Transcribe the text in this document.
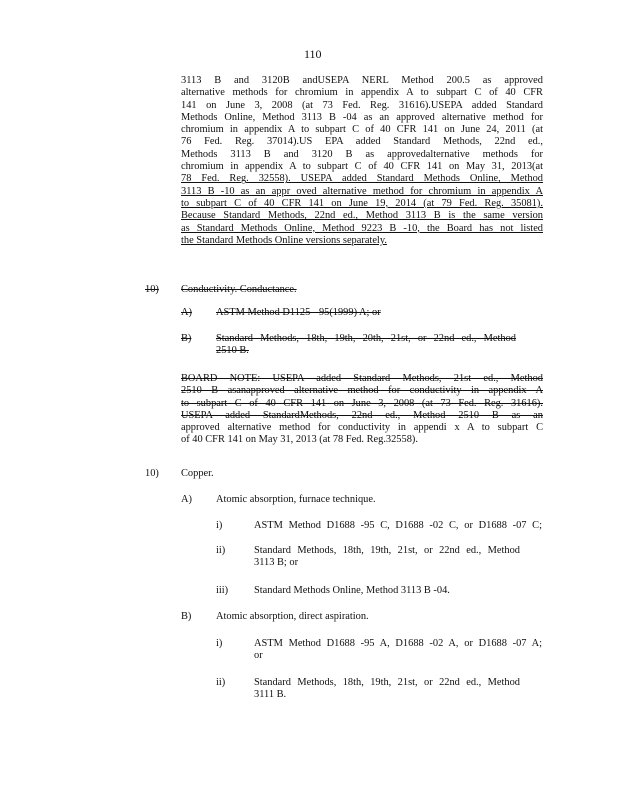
110
3113 B and 3120B andUSEPA NERL Method 200.5 as approved
alternative methods for chromium in appendix A to subpart C of 40 CFR
141 on June 3, 2008 (at 73 Fed. Reg. 31616).USEPA added Standard
Methods Online, Method 3113 B -04 as an approved alternative method for
chromium in appendix A to subpart C of 40 CFR 141 on June 24, 2011 (at
76 Fed. Reg. 37014).US EPA added Standard Methods, 22nd ed.,
Methods 3113 B and 3120 B as approvedalternative methods for
chromium in appendix A to subpart C of 40 CFR 141 on May 31, 2013(at
78 Fed. Reg. 32558). USEPA added Standard Methods Online, Method
3113 B -10 as an appr oved alternative method for chromium in appendix A
to subpart C of 40 CFR 141 on June 19, 2014 (at 79 Fed. Reg. 35081).
Because Standard Methods, 22nd ed., Method 3113 B is the same version
as Standard Methods Online, Method 9223 B -10, the Board has not listed
the Standard Methods Online versions separately.
10) Conductivity. Conductance.
A) ASTM Method D1125 - 95(1999) A; or
B) Standard Methods, 18th, 19th, 20th, 21st, or 22nd ed., Method
2510 B.
BOARD NOTE: USEPA added Standard Methods, 21st ed., Method
2510 B asanapproved alternative method for conductivity in appendix A
to subpart C of 40 CFR 141 on June 3, 2008 (at 73 Fed. Reg. 31616).
USEPA added StandardMethods, 22nd ed., Method 2510 B as an
approved alternative method for conductivity in appendi x A to subpart C
of 40 CFR 141 on May 31, 2013 (at 78 Fed. Reg.32558).
10) Copper.
A) Atomic absorption, furnace technique.
i)	ASTM Method D1688 -95 C, D1688 -02 C, or D1688 -07 C;
ii)	Standard Methods, 18th, 19th, 21st, or 22nd ed., Method
3113 B; or
iii) Standard Methods Online, Method 3113 B -04.
B) Atomic absorption, direct aspiration.
i)	ASTM Method D1688 -95 A, D1688 -02 A, or D1688 -07 A;
or
ii)	Standard Methods, 18th, 19th, 21st, or 22nd ed., Method
3111 B.
